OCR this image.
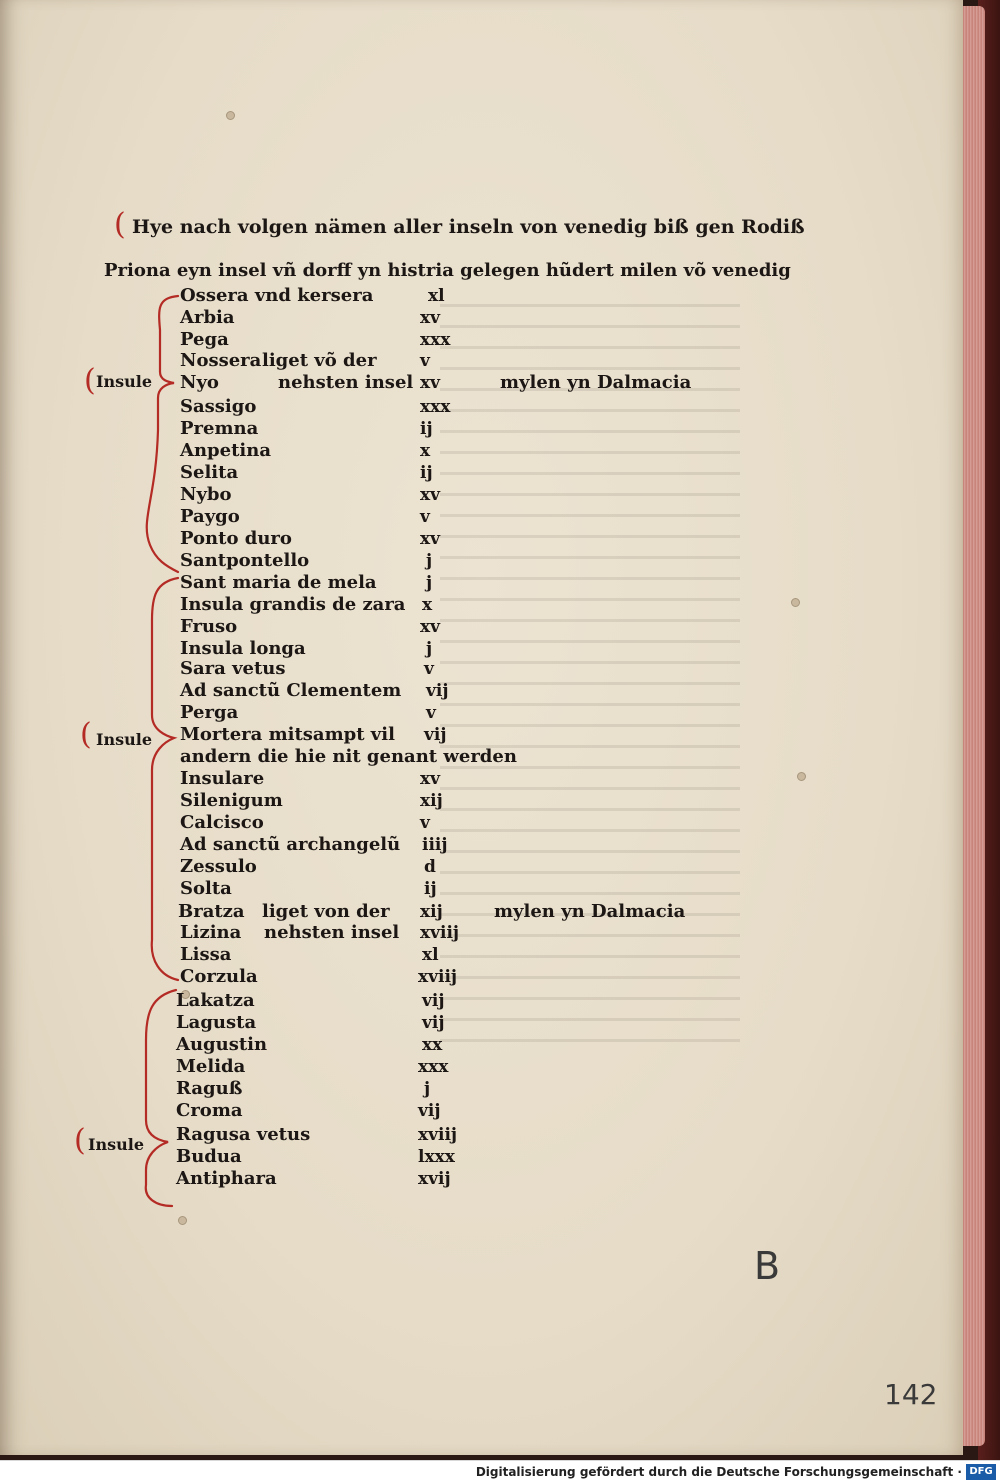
(
(
(
(
Hye nach volgen nämen aller inseln von venedig biß gen Rodiß
Priona eyn insel vñ dorff yn histria gelegen hũdert milen võ venedig
Insule
Insule
Insule
Ossera vnd kersera	xl
Arbia	xv
Pega	xxx
Nossera liget võ der	v
Nyo	nehsten insel xv	mylen yn Dalmacia
Sassigo	xxx
Premna	ij
Anpetina	x
Selita	ij
Nybo	xv
Paygo	v
Ponto duro	xv
Santpontello	j
Sant maria de mela	j
Insula grandis de zara x
Fruso	xv
Insula longa	j
Sara vetus	v
Ad sanctũ Clementem vij
Perga	v
Mortera mitsampt vil vij
andern die hie nit genant werden
Insulare	xv
Silenigum	xij
Calcisco	v
Ad sanctũ archangelũ iiij
Zessulo	d
Solta	ij
Bratza liget von der xij	mylen yn Dalmacia
Lizina nehsten insel xviij
Lissa	xl
Corzula	xviij
Lakatza	vij
Lagusta	vij
Augustin	xx
Melida	xxx
Raguß	j
Croma	vij
Ragusa vetus	xviij
Budua	lxxx
Antiphara	xvij
B
142
Digitalisierung gefördert durch die Deutsche Forschungsgemeinschaft · DFG
